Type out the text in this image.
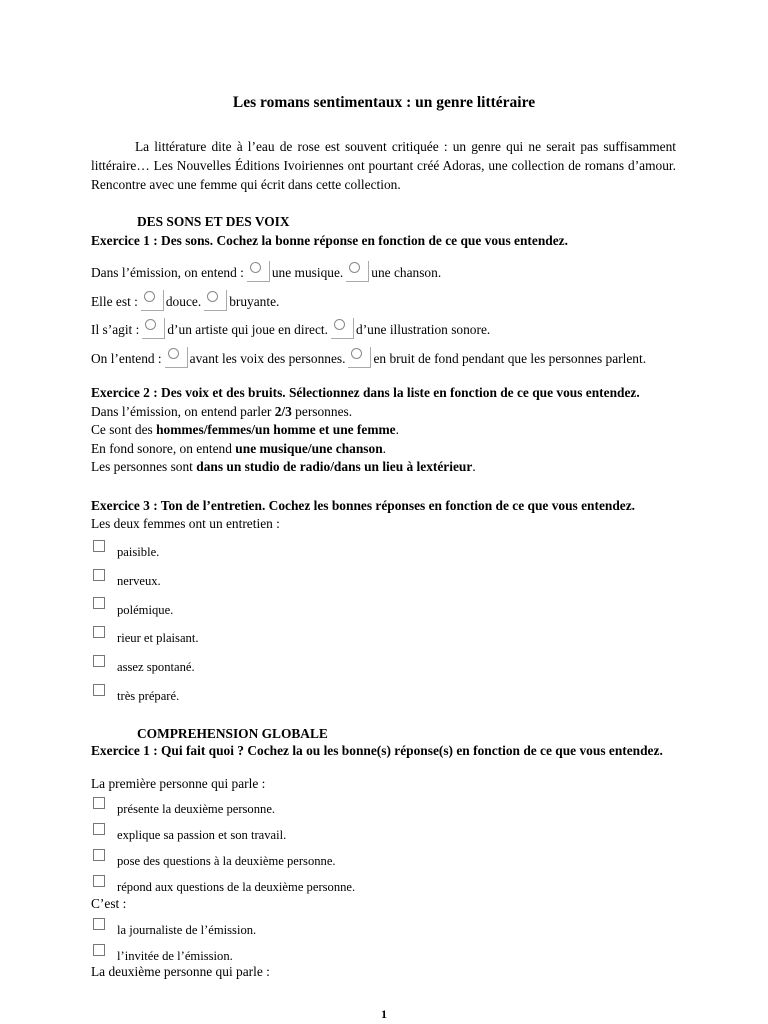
Les romans sentimentaux : un genre littéraire

La littérature dite à l’eau de rose est souvent critiquée : un genre qui ne serait pas suffisamment littéraire… Les Nouvelles Éditions Ivoiriennes ont pourtant créé Adoras, une collection de romans d’amour. Rencontre avec une femme qui écrit dans cette collection.

DES SONS ET DES VOIX
Exercice 1 : Des sons. Cochez la bonne réponse en fonction de ce que vous entendez.
Dans l’émission, on entend : une musique. une chanson.
Elle est : douce. bruyante.
Il s’agit : d’un artiste qui joue en direct. d’une illustration sonore.
On l’entend : avant les voix des personnes. en bruit de fond pendant que les personnes parlent.
Exercice 2 : Des voix et des bruits. Sélectionnez dans la liste en fonction de ce que vous entendez.
Dans l’émission, on entend parler 2/3 personnes.
Ce sont des hommes/femmes/un homme et une femme.
En fond sonore, on entend une musique/une chanson.
Les personnes sont dans un studio de radio/dans un lieu à lextérieur.
Exercice 3 : Ton de l’entretien. Cochez les bonnes réponses en fonction de ce que vous entendez.
Les deux femmes ont un entretien :
paisible.
nerveux.
polémique.
rieur et plaisant.
assez spontané.
très préparé.
COMPREHENSION GLOBALE
Exercice 1 : Qui fait quoi ? Cochez la ou les bonne(s) réponse(s) en fonction de ce que vous entendez.
La première personne qui parle :
présente la deuxième personne.
explique sa passion et son travail.
pose des questions à la deuxième personne.
répond aux questions de la deuxième personne.
C’est :
la journaliste de l’émission.
l’invitée de l’émission.
La deuxième personne qui parle :
1
